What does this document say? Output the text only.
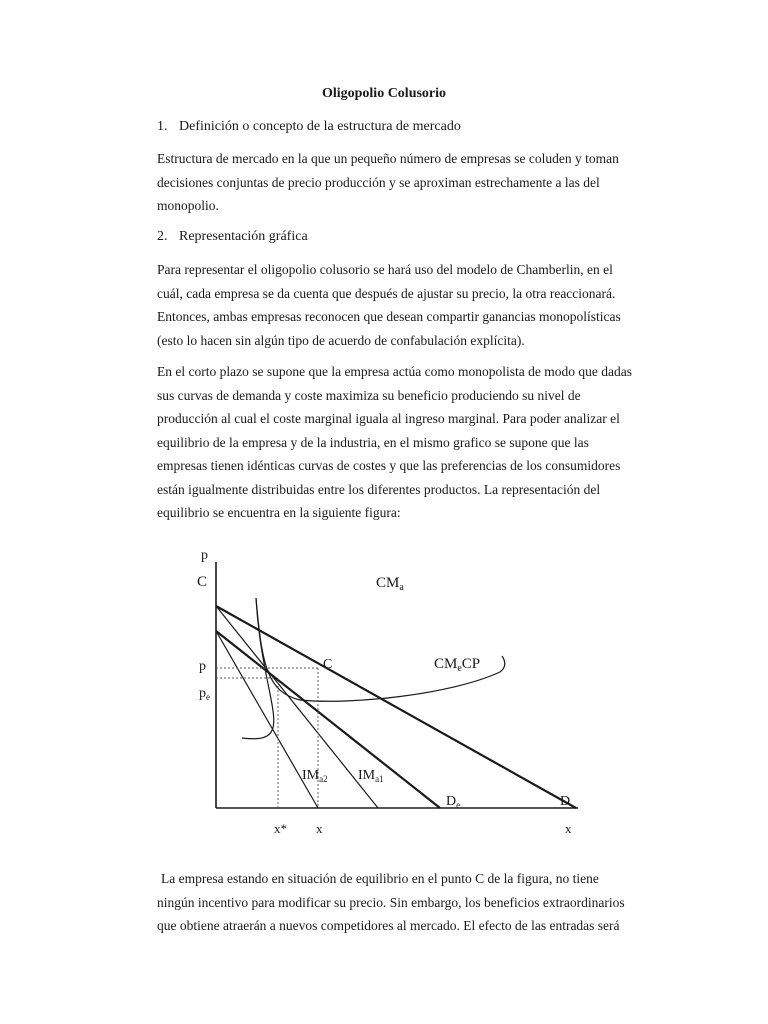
Oligopolio Colusorio
1. Definición o concepto de la estructura de mercado

Estructura de mercado en la que un pequeño número de empresas se coluden y toman
decisiones conjuntas de precio producción y se aproximan estrechamente a las del
monopolio.

2. Representación gráfica

Para representar el oligopolio colusorio se hará uso del modelo de Chamberlin, en el
cuál, cada empresa se da cuenta que después de ajustar su precio, la otra reaccionará.
Entonces, ambas empresas reconocen que desean compartir ganancias monopolísticas
(esto lo hacen sin algún tipo de acuerdo de confabulación explícita).

En el corto plazo se supone que la empresa actúa como monopolista de modo que dadas
sus curvas de demanda y coste maximiza su beneficio produciendo su nivel de
producción al cual el coste marginal iguala al ingreso marginal. Para poder analizar el
equilibrio de la empresa y de la industria, en el mismo grafico se supone que las
empresas tienen idénticas curvas de costes y que las preferencias de los consumidores
están igualmente distribuidas entre los diferentes productos. La representación del
equilibrio se encuentra en la siguiente figura:

p
C
p
$p_e$
$CM_a$
$CM_eCP$
C
$IM_{a2}$ $IM_{a1}$
$D_e$	D
x* x	x

La empresa estando en situación de equilibrio en el punto C de la figura, no tiene
ningún incentivo para modificar su precio. Sin embargo, los beneficios extraordinarios
que obtiene atraerán a nuevos competidores al mercado. El efecto de las entradas será
